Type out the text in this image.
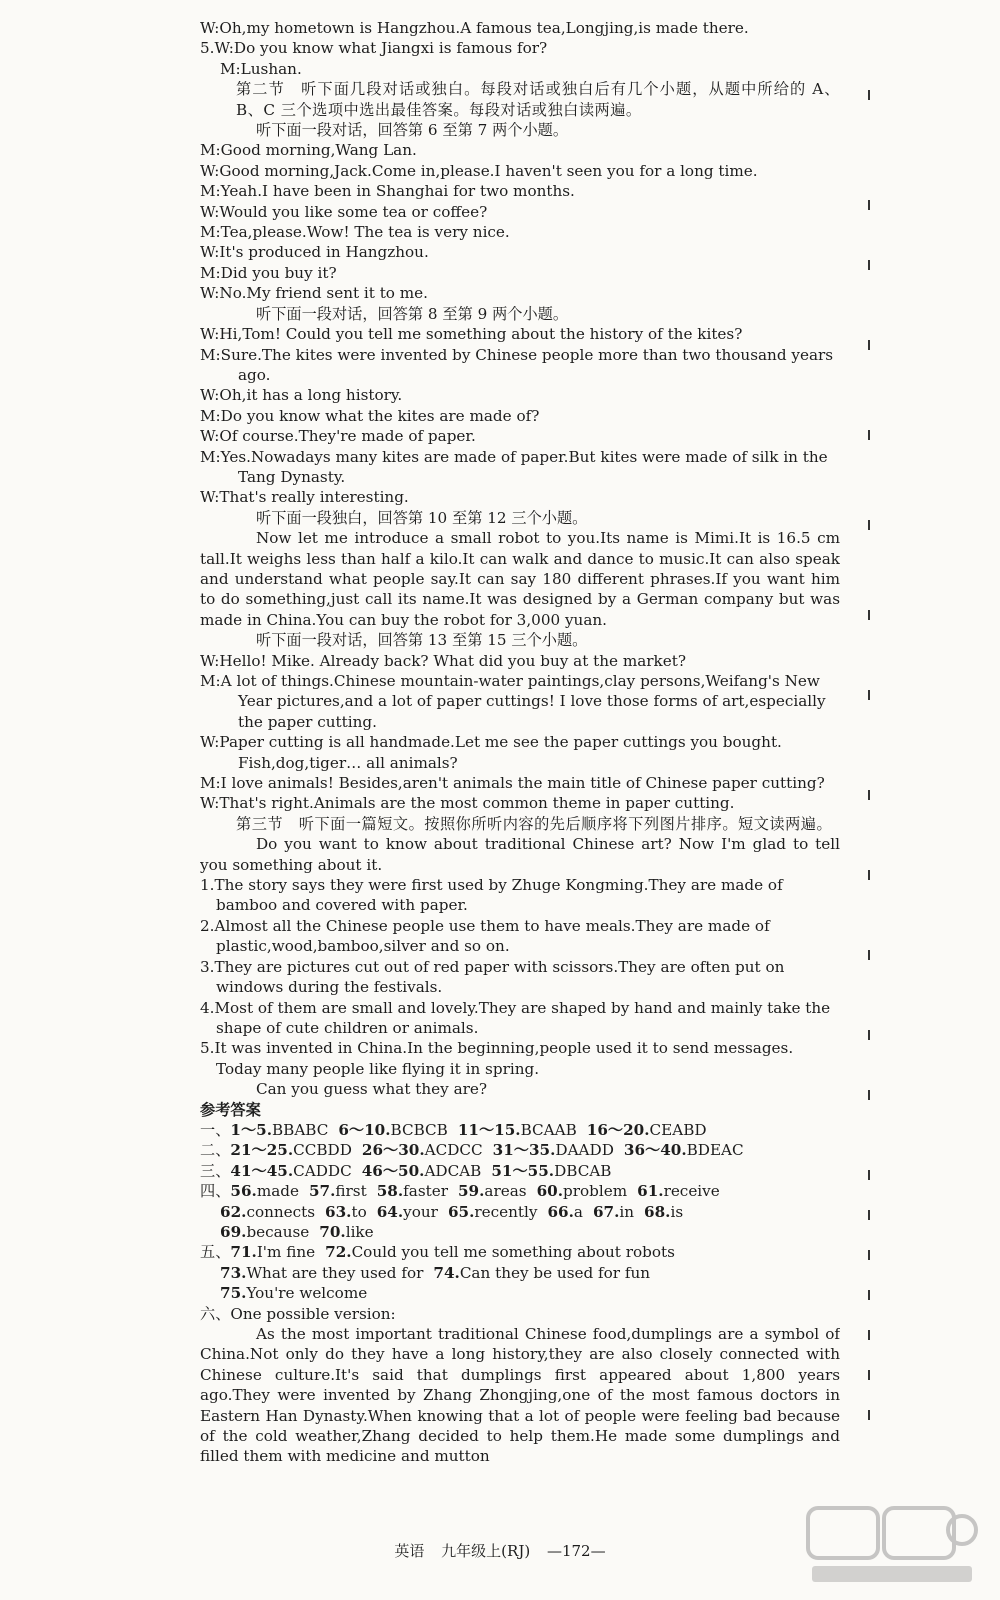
W:Oh,my hometown is Hangzhou.A famous tea,Longjing,is made there.
5.W:Do you know what Jiangxi is famous for?
M:Lushan.
第二节　听下面几段对话或独白。每段对话或独白后有几个小题，从题中所给的 A、B、C 三个选项中选出最佳答案。每段对话或独白读两遍。
听下面一段对话，回答第 6 至第 7 两个小题。
M:Good morning,Wang Lan.
W:Good morning,Jack.Come in,please.I haven't seen you for a long time.
M:Yeah.I have been in Shanghai for two months.
W:Would you like some tea or coffee?
M:Tea,please.Wow! The tea is very nice.
W:It's produced in Hangzhou.
M:Did you buy it?
W:No.My friend sent it to me.
听下面一段对话，回答第 8 至第 9 两个小题。
W:Hi,Tom! Could you tell me something about the history of the kites?
M:Sure.The kites were invented by Chinese people more than two thousand years ago.
W:Oh,it has a long history.
M:Do you know what the kites are made of?
W:Of course.They're made of paper.
M:Yes.Nowadays many kites are made of paper.But kites were made of silk in the Tang Dynasty.
W:That's really interesting.
听下面一段独白，回答第 10 至第 12 三个小题。
Now let me introduce a small robot to you.Its name is Mimi.It is 16.5 cm tall.It weighs less than half a kilo.It can walk and dance to music.It can also speak and understand what people say.It can say 180 different phrases.If you want him to do something,just call its name.It was designed by a German company but was made in China.You can buy the robot for 3,000 yuan.
听下面一段对话，回答第 13 至第 15 三个小题。
W:Hello! Mike. Already back? What did you buy at the market?
M:A lot of things.Chinese mountain-water paintings,clay persons,Weifang's New Year pictures,and a lot of paper cuttings! I love those forms of art,especially the paper cutting.
W:Paper cutting is all handmade.Let me see the paper cuttings you bought. Fish,dog,tiger… all animals?
M:I love animals! Besides,aren't animals the main title of Chinese paper cutting?
W:That's right.Animals are the most common theme in paper cutting.
第三节　听下面一篇短文。按照你所听内容的先后顺序将下列图片排序。短文读两遍。
Do you want to know about traditional Chinese art? Now I'm glad to tell you something about it.
1.The story says they were first used by Zhuge Kongming.They are made of bamboo and covered with paper.
2.Almost all the Chinese people use them to have meals.They are made of plastic,wood,bamboo,silver and so on.
3.They are pictures cut out of red paper with scissors.They are often put on windows during the festivals.
4.Most of them are small and lovely.They are shaped by hand and mainly take the shape of cute children or animals.
5.It was invented in China.In the beginning,people used it to send messages. Today many people like flying it in spring.
Can you guess what they are?
参考答案
一、1～5.BBABC 6～10.BCBCB 11～15.BCAAB 16～20.CEABD
二、21～25.CCBDD 26～30.ACDCC 31～35.DAADD 36～40.BDEAC
三、41～45.CADDC 46～50.ADCAB 51～55.DBCAB
四、56.made 57.first 58.faster 59.areas 60.problem 61.receive
62.connects 63.to 64.your 65.recently 66.a 67.in 68.is
69.because 70.like
五、71.I'm fine 72.Could you tell me something about robots
73.What are they used for 74.Can they be used for fun
75.You're welcome
六、One possible version:
As the most important traditional Chinese food,dumplings are a symbol of China.Not only do they have a long history,they are also closely connected with Chinese culture.It's said that dumplings first appeared about 1,800 years ago.They were invented by Zhang Zhongjing,one of the most famous doctors in Eastern Han Dynasty.When knowing that a lot of people were feeling bad because of the cold weather,Zhang decided to help them.He made some dumplings and filled them with medicine and mutton
英语 九年级上(RJ) —172—
